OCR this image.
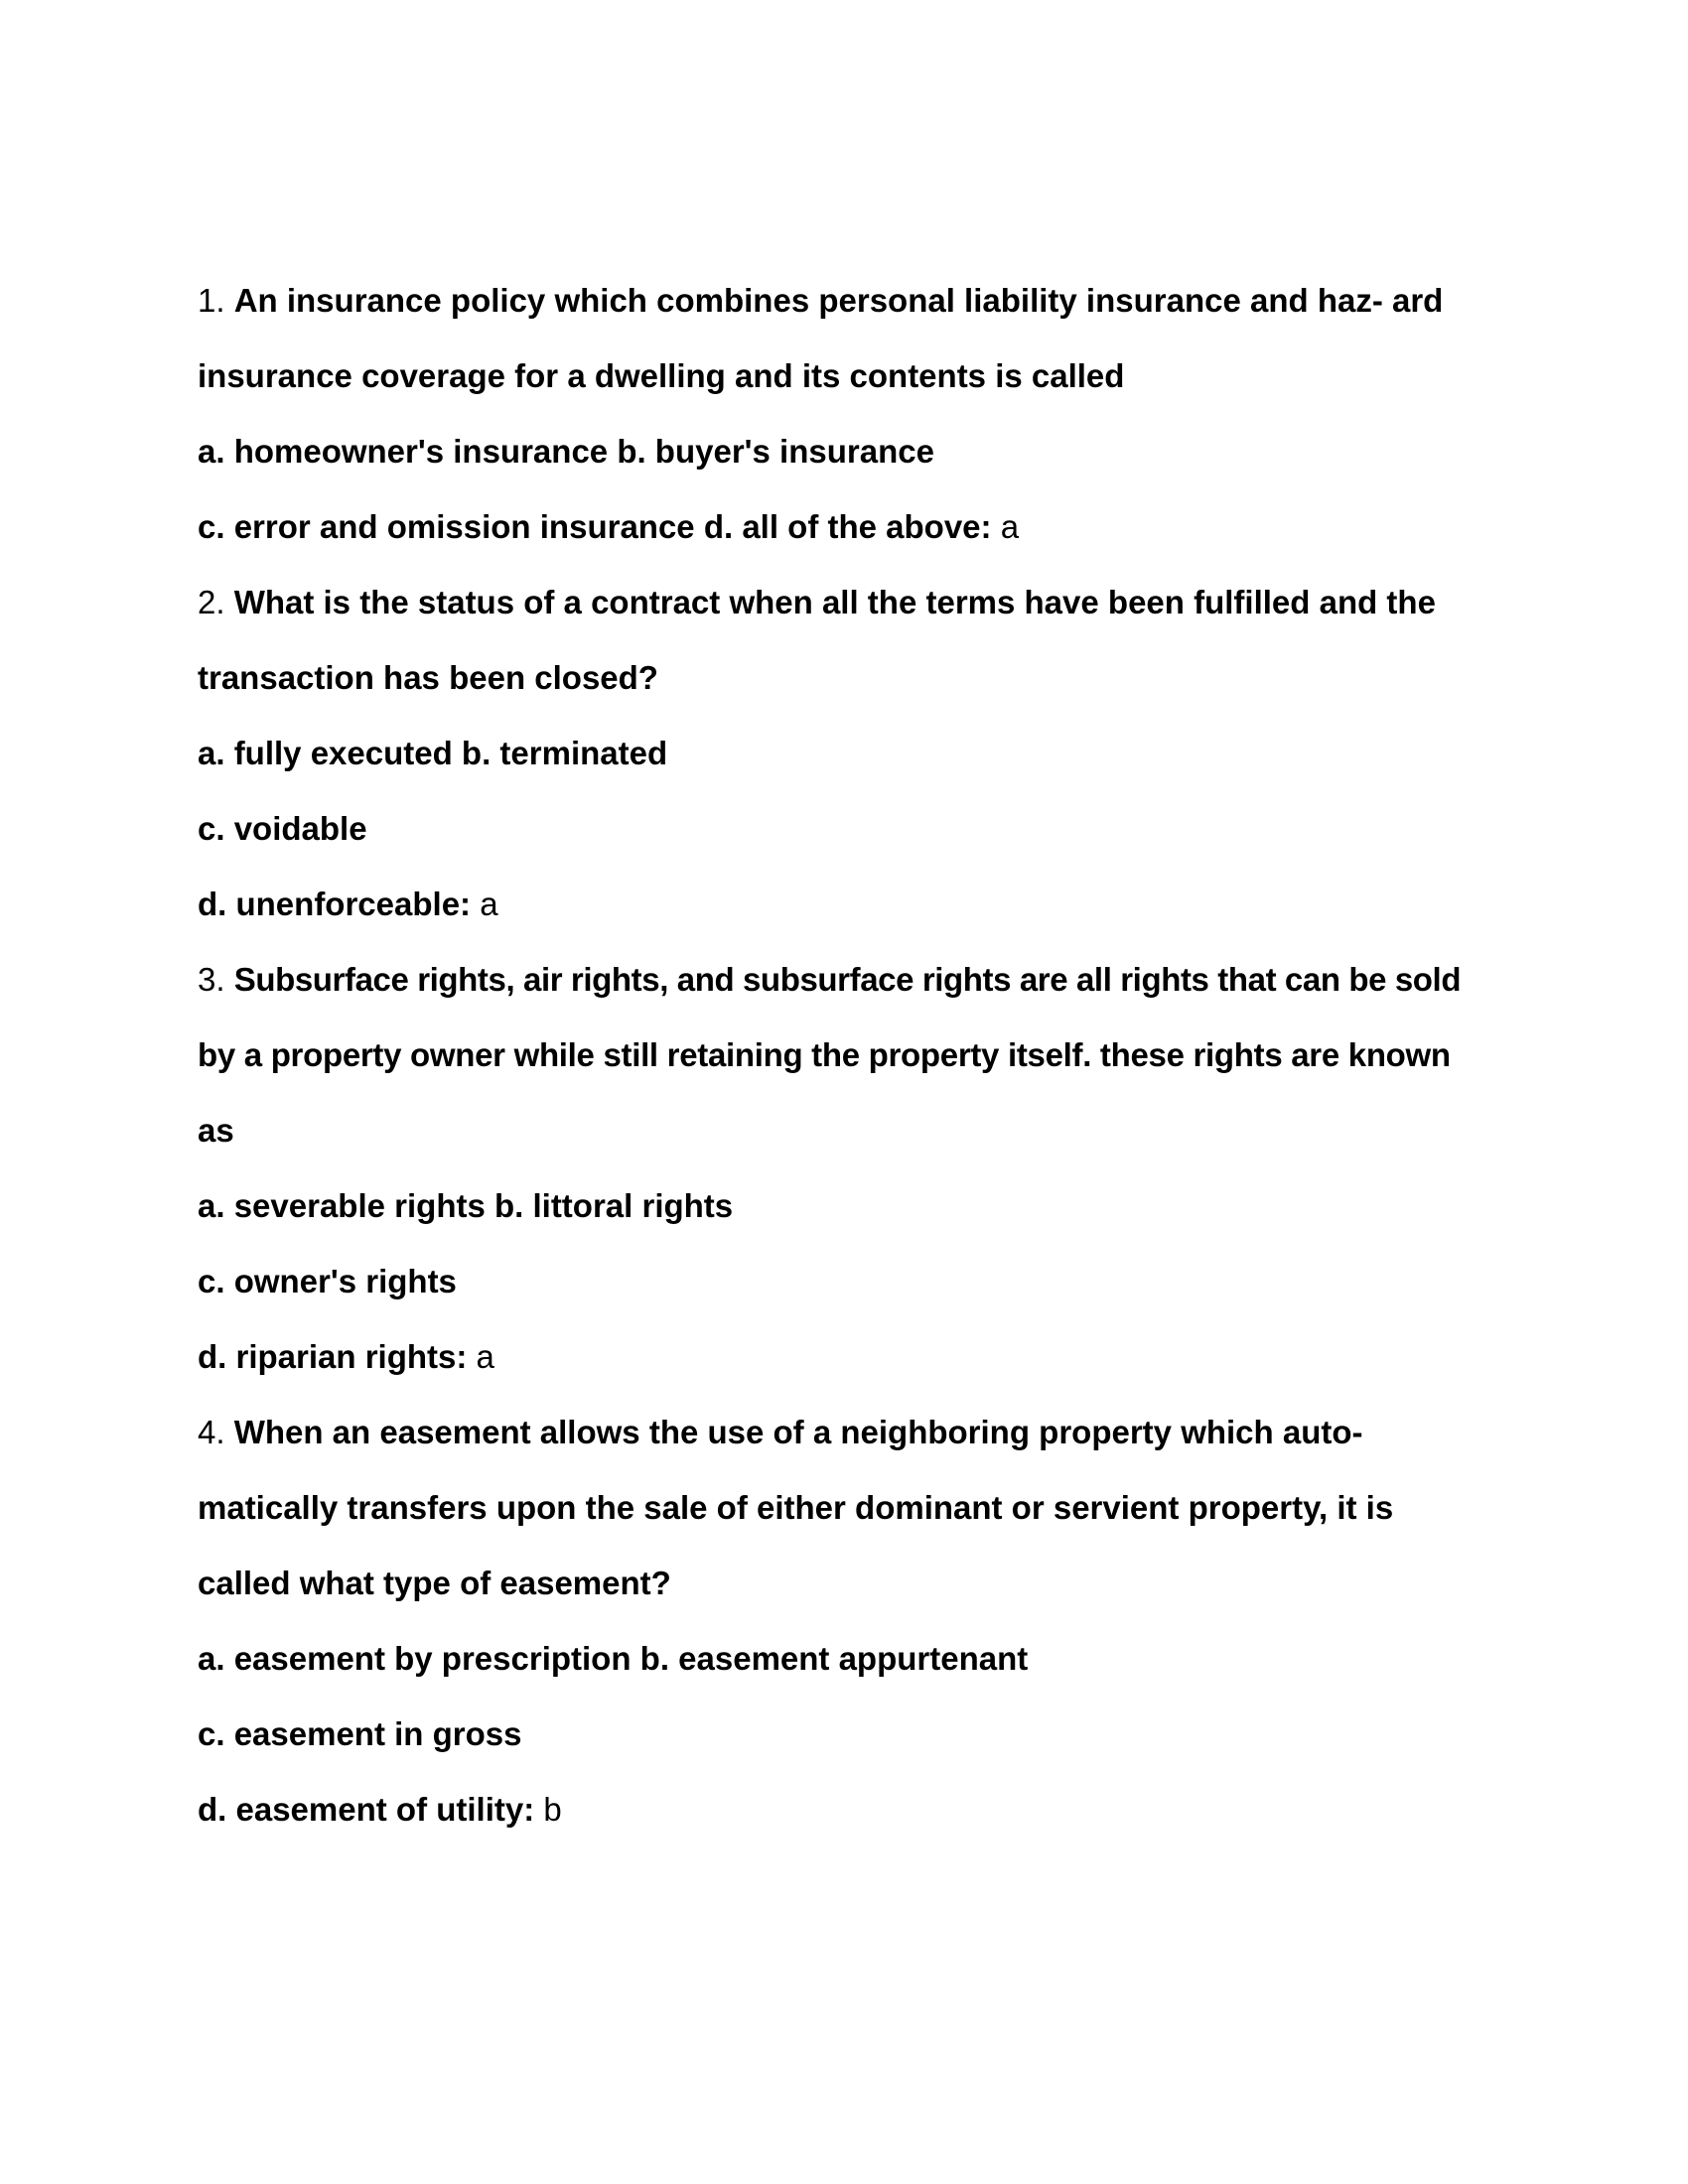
1. An insurance policy which combines personal liability insurance and haz- ard
insurance coverage for a dwelling and its contents is called
a. homeowner's insurance b. buyer's insurance
c. error and omission insurance d. all of the above: a
2. What is the status of a contract when all the terms have been fulfilled and the
transaction has been closed?
a. fully executed b. terminated
c. voidable
d. unenforceable: a
3. Subsurface rights, air rights, and subsurface rights are all rights that can be sold
by a property owner while still retaining the property itself. these rights are known
as
a. severable rights b. littoral rights
c. owner's rights
d. riparian rights: a
4. When an easement allows the use of a neighboring property which auto-
matically transfers upon the sale of either dominant or servient property, it is
called what type of easement?
a. easement by prescription b. easement appurtenant
c. easement in gross
d. easement of utility: b
